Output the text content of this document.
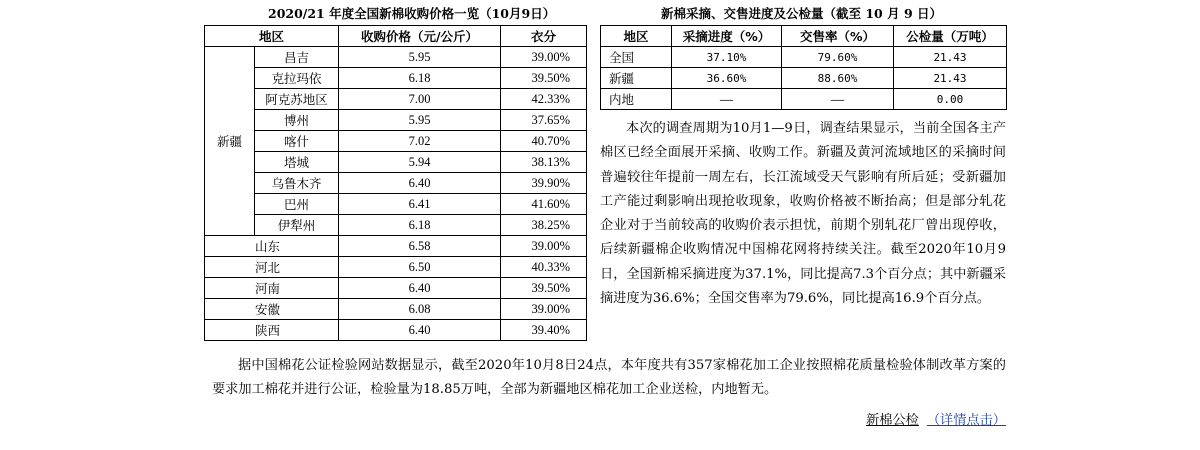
2020/21 年度全国新棉收购价格一览（10月9日）
地区		收购价格（元/公斤）	衣分
新疆	昌吉	5.95	39.00%
	克拉玛依	6.18	39.50%
	阿克苏地区	7.00	42.33%
	博州	5.95	37.65%
	喀什	7.02	40.70%
	塔城	5.94	38.13%
	乌鲁木齐	6.40	39.90%
	巴州	6.41	41.60%
	伊犁州	6.18	38.25%
山东		6.58	39.00%
河北		6.50	40.33%
河南		6.40	39.50%
安徽		6.08	39.00%
陕西		6.40	39.40%
新棉采摘、交售进度及公检量（截至 10 月 9 日）
地区	采摘进度（%）	交售率（%）	公检量（万吨）
全国	37.10%	79.60%	21.43
新疆	36.60%	88.60%	21.43
内地	——	——	0.00
本次的调查周期为10月1—9日，调查结果显示，当前全国各主产棉区已经全面展开采摘、收购工作。新疆及黄河流域地区的采摘时间普遍较往年提前一周左右，长江流域受天气影响有所后延；受新疆加工产能过剩影响出现抢收现象，收购价格被不断抬高；但是部分轧花企业对于当前较高的收购价表示担忧，前期个别轧花厂曾出现停收，后续新疆棉企收购情况中国棉花网将持续关注。截至2020年10月9日，全国新棉采摘进度为37.1%，同比提高7.3个百分点；其中新疆采摘进度为36.6%；全国交售率为79.6%，同比提高16.9个百分点。
据中国棉花公证检验网站数据显示，截至2020年10月8日24点，本年度共有357家棉花加工企业按照棉花质量检验体制改革方案的要求加工棉花并进行公证，检验量为18.85万吨，全部为新疆地区棉花加工企业送检，内地暂无。
新棉公检 （详情点击）
